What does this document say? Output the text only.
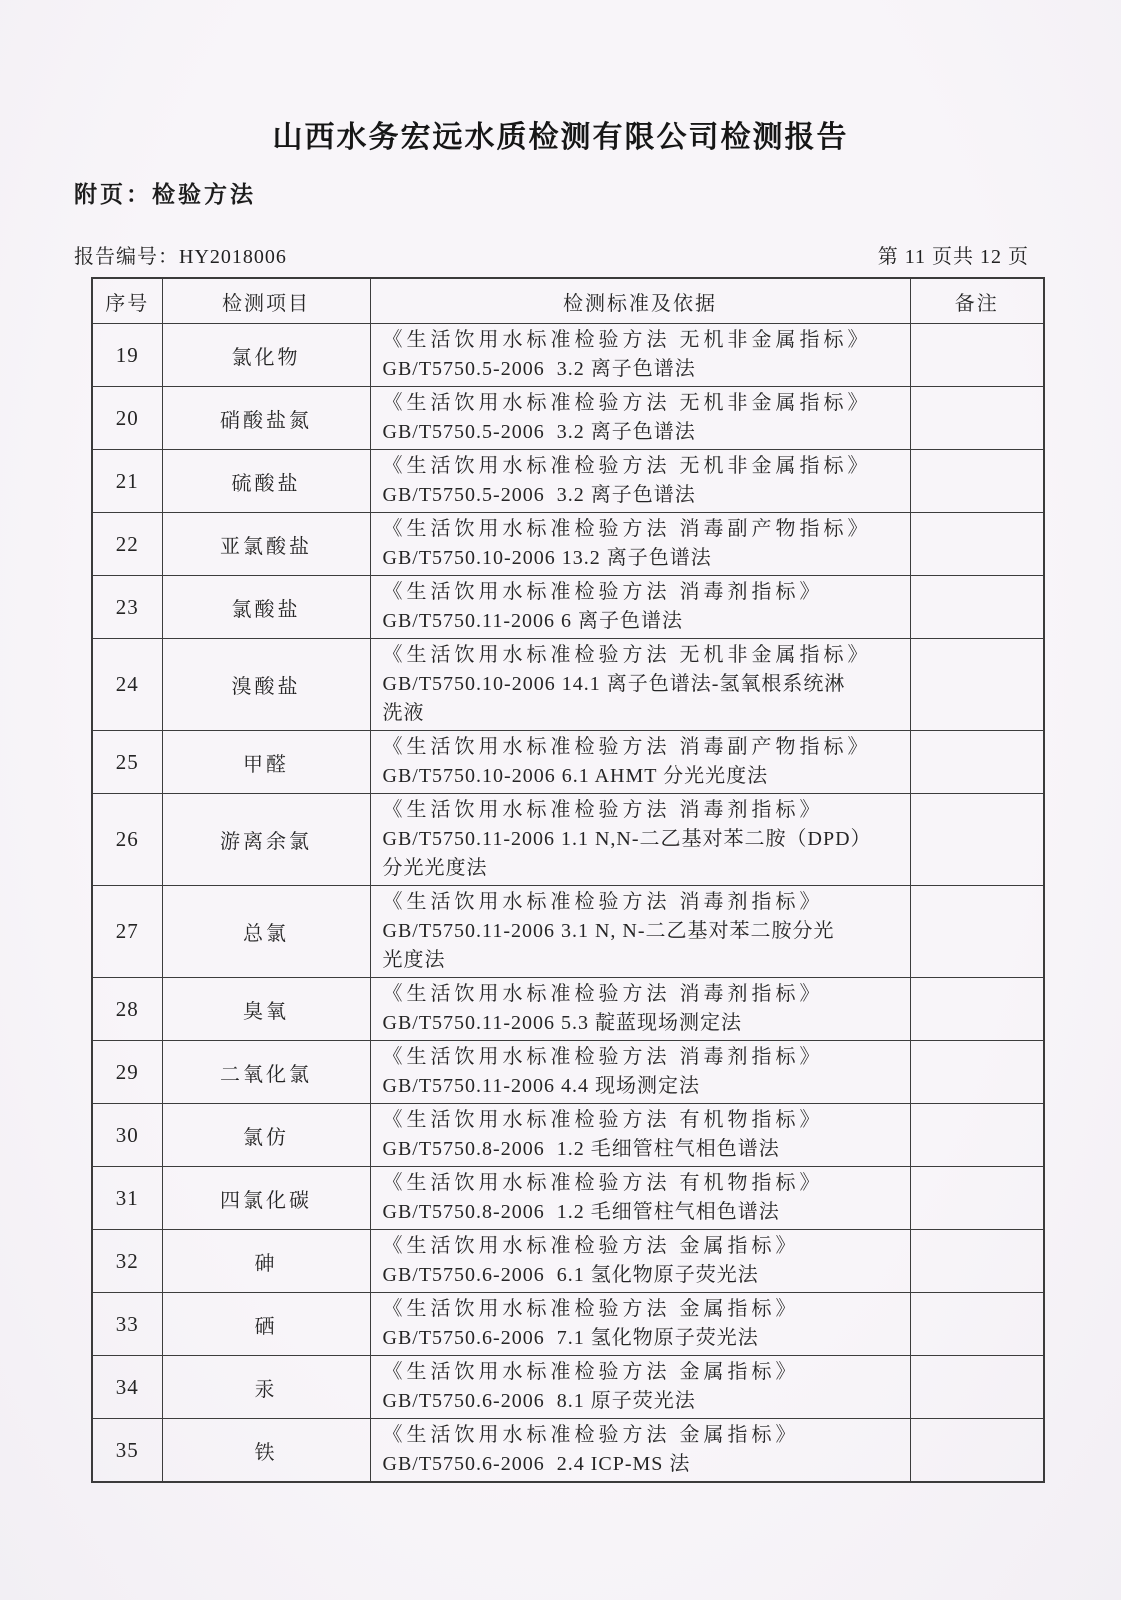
山西水务宏远水质检测有限公司检测报告
附页：检验方法
报告编号：HY2018006	第 11 页共 12 页
序号	检测项目	检测标准及依据	备注
19	氯化物	《生活饮用水标准检验方法 无机非金属指标》
GB/T5750.5-2006  3.2 离子色谱法	

20	硝酸盐氮	《生活饮用水标准检验方法 无机非金属指标》
GB/T5750.5-2006  3.2 离子色谱法	

21	硫酸盐	《生活饮用水标准检验方法 无机非金属指标》
GB/T5750.5-2006  3.2 离子色谱法	

22	亚氯酸盐	《生活饮用水标准检验方法 消毒副产物指标》
GB/T5750.10-2006 13.2 离子色谱法	

23	氯酸盐	《生活饮用水标准检验方法 消毒剂指标》
GB/T5750.11-2006 6 离子色谱法	

24	溴酸盐	《生活饮用水标准检验方法 无机非金属指标》
GB/T5750.10-2006 14.1 离子色谱法-氢氧根系统淋
洗液	

25	甲醛	《生活饮用水标准检验方法 消毒副产物指标》
GB/T5750.10-2006 6.1 AHMT 分光光度法	

26	游离余氯	《生活饮用水标准检验方法 消毒剂指标》
GB/T5750.11-2006 1.1 N,N-二乙基对苯二胺（DPD）
分光光度法	

27	总氯	《生活饮用水标准检验方法 消毒剂指标》
GB/T5750.11-2006 3.1 N, N-二乙基对苯二胺分光
光度法	

28	臭氧	《生活饮用水标准检验方法 消毒剂指标》
GB/T5750.11-2006 5.3 靛蓝现场测定法	

29	二氧化氯	《生活饮用水标准检验方法 消毒剂指标》
GB/T5750.11-2006 4.4 现场测定法	

30	氯仿	《生活饮用水标准检验方法 有机物指标》
GB/T5750.8-2006  1.2 毛细管柱气相色谱法	

31	四氯化碳	《生活饮用水标准检验方法 有机物指标》
GB/T5750.8-2006  1.2 毛细管柱气相色谱法	

32	砷	《生活饮用水标准检验方法 金属指标》
GB/T5750.6-2006  6.1 氢化物原子荧光法	

33	硒	《生活饮用水标准检验方法 金属指标》
GB/T5750.6-2006  7.1 氢化物原子荧光法	

34	汞	《生活饮用水标准检验方法 金属指标》
GB/T5750.6-2006  8.1 原子荧光法	

35	铁	《生活饮用水标准检验方法 金属指标》
GB/T5750.6-2006  2.4 ICP-MS 法	
